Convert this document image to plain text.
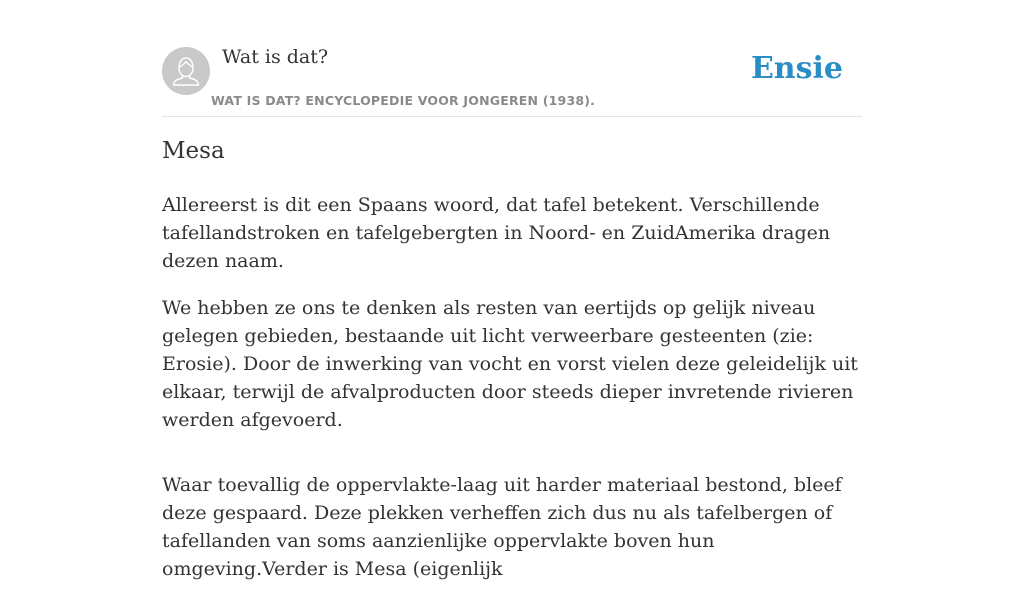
Wat is dat?
WAT IS DAT? ENCYCLOPEDIE VOOR JONGEREN (1938).
Ensie
Mesa

Allereerst is dit een Spaans woord, dat tafel betekent. Verschillende tafellandstroken en tafelgebergten in Noord- en ZuidAmerika dragen dezen naam.

We hebben ze ons te denken als resten van eertijds op gelijk niveau gelegen gebieden, bestaande uit licht verweerbare gesteenten (zie: Erosie). Door de inwerking van vocht en vorst vielen deze geleidelijk uit elkaar, terwijl de afvalproducten door steeds dieper invretende rivieren werden afgevoerd.

Waar toevallig de oppervlakte-laag uit harder materiaal bestond, bleef deze gespaard. Deze plekken verheffen zich dus nu als tafelbergen of tafellanden van soms aanzienlijke oppervlakte boven hun omgeving.Verder is Mesa (eigenlijk
